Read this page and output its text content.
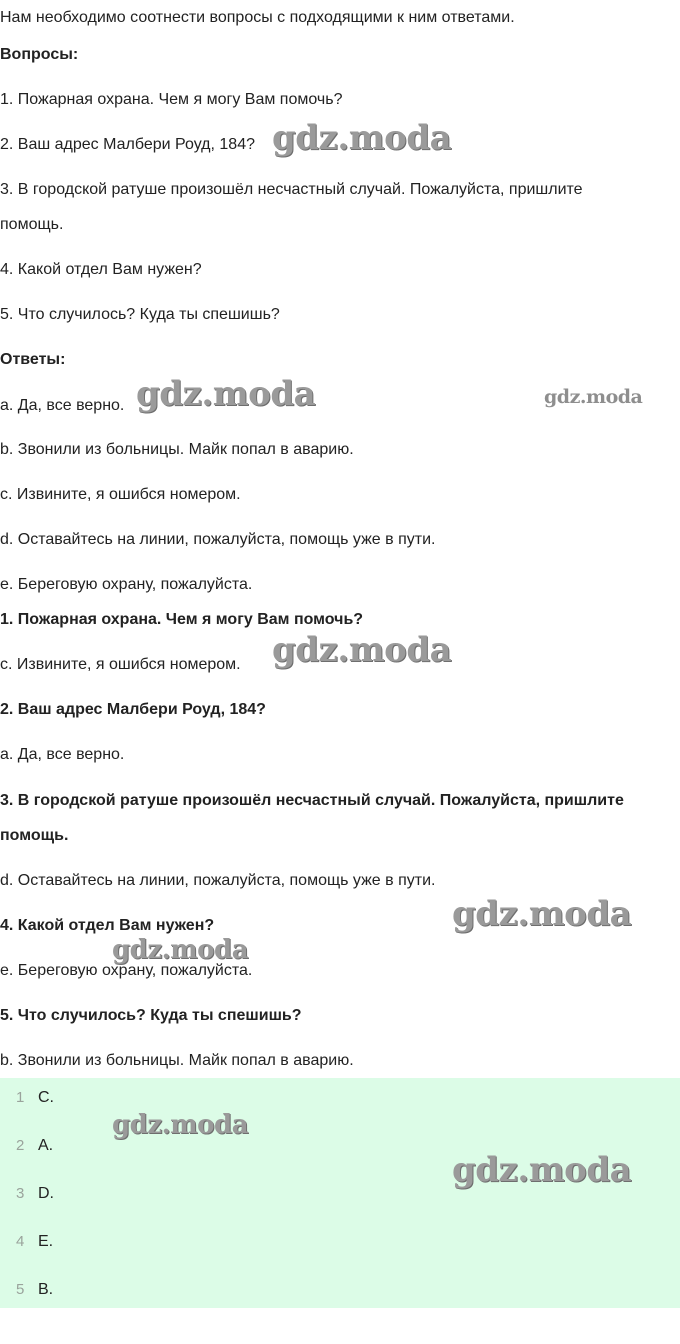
Нам необходимо соотнести вопросы с подходящими к ним ответами.
Вопросы:
1. Пожарная охрана. Чем я могу Вам помочь?
2. Ваш адрес Малбери Роуд, 184?
3. В городской ратуше произошёл несчастный случай. Пожалуйста, пришлите
помощь.
4. Какой отдел Вам нужен?
5. Что случилось? Куда ты спешишь?
Ответы:
a. Да, все верно.
b. Звонили из больницы. Майк попал в аварию.
c. Извините, я ошибся номером.
d. Оставайтесь на линии, пожалуйста, помощь уже в пути.
e. Береговую охрану, пожалуйста.
1. Пожарная охрана. Чем я могу Вам помочь?
c. Извините, я ошибся номером.
2. Ваш адрес Малбери Роуд, 184?
a. Да, все верно.
3. В городской ратуше произошёл несчастный случай. Пожалуйста, пришлите
помощь.
d. Оставайтесь на линии, пожалуйста, помощь уже в пути.
4. Какой отдел Вам нужен?
e. Береговую охрану, пожалуйста.
5. Что случилось? Куда ты спешишь?
b. Звонили из больницы. Майк попал в аварию.
1 C.
2 A.
3 D.
4 E.
5 B.
gdz.moda
gdz.moda	gdz.moda
gdz.moda
gdz.moda
gdz.moda
gdz.moda
gdz.moda
